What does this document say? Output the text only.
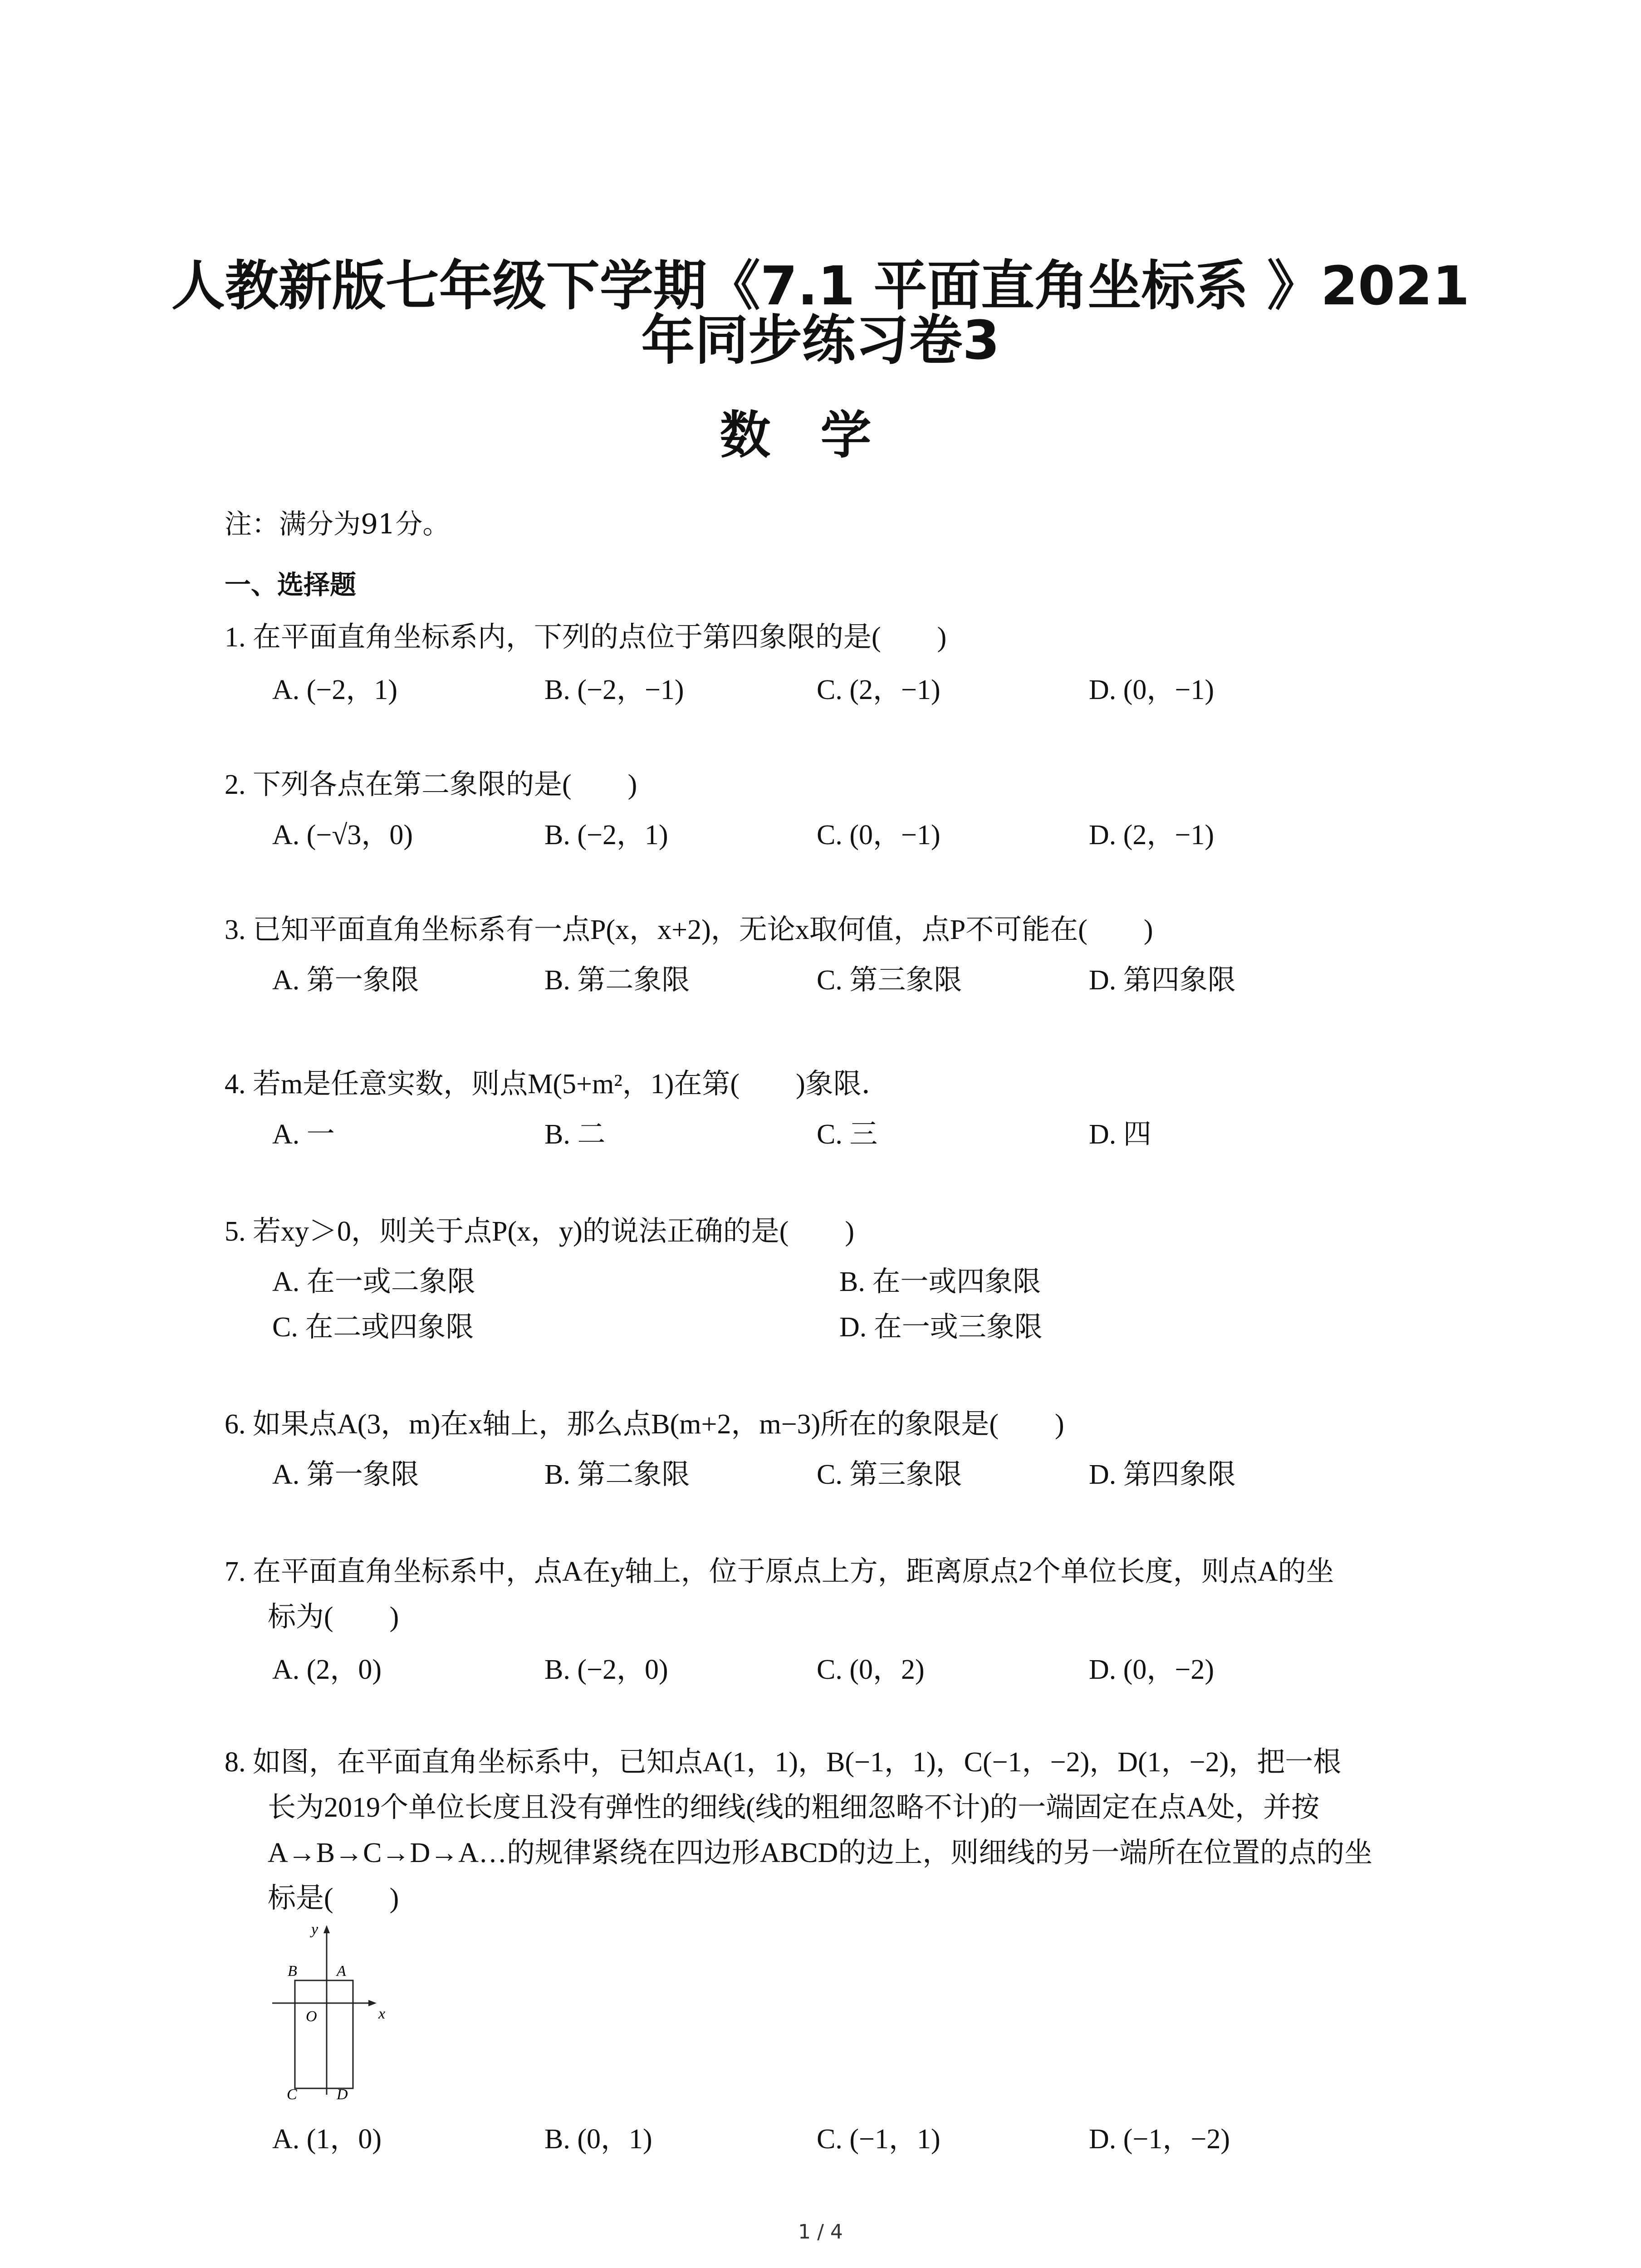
人教新版七年级下学期《7.1 平面直角坐标系 》2021
年同步练习卷3
数学
注：满分为91分。
一、选择题
1. 在平面直角坐标系内，下列的点位于第四象限的是(　　)
A. (−2，1)	B. (−2，−1)	C. (2，−1)	D. (0，−1)
2. 下列各点在第二象限的是(　　)
A. (−√3，0)	B. (−2，1)	C. (0，−1)	D. (2，−1)
3. 已知平面直角坐标系有一点P(x，x+2)，无论x取何值，点P不可能在(　　)
A. 第一象限	B. 第二象限	C. 第三象限	D. 第四象限
4. 若m是任意实数，则点M(5+m²，1)在第(　　)象限．
A. 一	B. 二	C. 三	D. 四
5. 若xy＞0，则关于点P(x，y)的说法正确的是(　　)
A. 在一或二象限	B. 在一或四象限
C. 在二或四象限	D. 在一或三象限
6. 如果点A(3，m)在x轴上，那么点B(m+2，m−3)所在的象限是(　　)
A. 第一象限	B. 第二象限	C. 第三象限	D. 第四象限
7. 在平面直角坐标系中，点A在y轴上，位于原点上方，距离原点2个单位长度，则点A的坐
标为(　　)
A. (2，0)	B. (−2，0)	C. (0，2)	D. (0，−2)
8. 如图，在平面直角坐标系中，已知点A(1，1)，B(−1，1)，C(−1，−2)，D(1，−2)，把一根
长为2019个单位长度且没有弹性的细线(线的粗细忽略不计)的一端固定在点A处，并按
A→B→C→D→A…的规律紧绕在四边形ABCD的边上，则细线的另一端所在位置的点的坐
标是(　　)
y
x
O
A
B
C	D
A. (1，0)	B. (0，1)	C. (−1，1)	D. (−1，−2)
1 / 4
